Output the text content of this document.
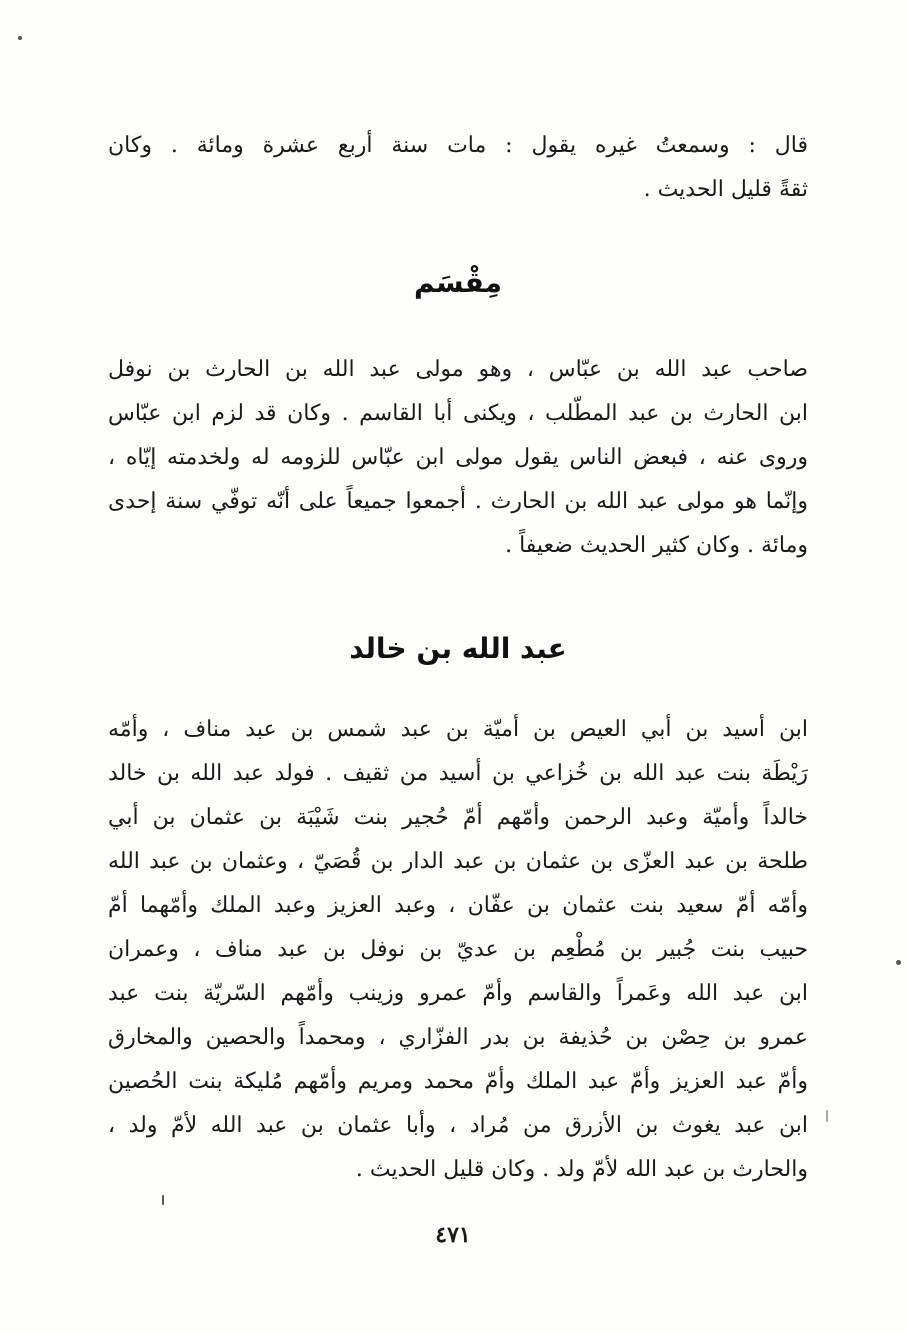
قال : وسمعتُ غيره يقول : مات سنة أربع عشرة ومائة . وكان
ثقةً قليل الحديث .
مِقْسَم
صاحب عبد الله بن عبّاس ، وهو مولى عبد الله بن الحارث بن نوفل
ابن الحارث بن عبد المطّلب ، ويكنى أبا القاسم . وكان قد لزم ابن عبّاس
وروى عنه ، فبعض الناس يقول مولى ابن عبّاس للزومه له ولخدمته إيّاه ،
وإنّما هو مولى عبد الله بن الحارث . أجمعوا جميعاً على أنّه توفّي سنة إحدى
ومائة . وكان كثير الحديث ضعيفاً .
عبد الله بن خالد
ابن أسيد بن أبي العيص بن أميّة بن عبد شمس بن عبد مناف ، وأمّه
رَيْطَة بنت عبد الله بن خُزاعي بن أسيد من ثقيف . فولد عبد الله بن خالد
خالداً وأميّة وعبد الرحمن وأمّهم أمّ حُجير بنت شَيْبَة بن عثمان بن أبي
طلحة بن عبد العزّى بن عثمان بن عبد الدار بن قُصَيّ ، وعثمان بن عبد الله
وأمّه أمّ سعيد بنت عثمان بن عفّان ، وعبد العزيز وعبد الملك وأمّهما أمّ
حبيب بنت جُبير بن مُطْعِم بن عديّ بن نوفل بن عبد مناف ، وعمران
ابن عبد الله وعَمراً والقاسم وأمّ عمرو وزينب وأمّهم السّريّة بنت عبد
عمرو بن حِصْن بن حُذيفة بن بدر الفزّاري ، ومحمداً والحصين والمخارق
وأمّ عبد العزيز وأمّ عبد الملك وأمّ محمد ومريم وأمّهم مُليكة بنت الحُصين
ابن عبد يغوث بن الأزرق من مُراد ، وأبا عثمان بن عبد الله لأمّ ولد ،
والحارث بن عبد الله لأمّ ولد . وكان قليل الحديث .
٤٧١
